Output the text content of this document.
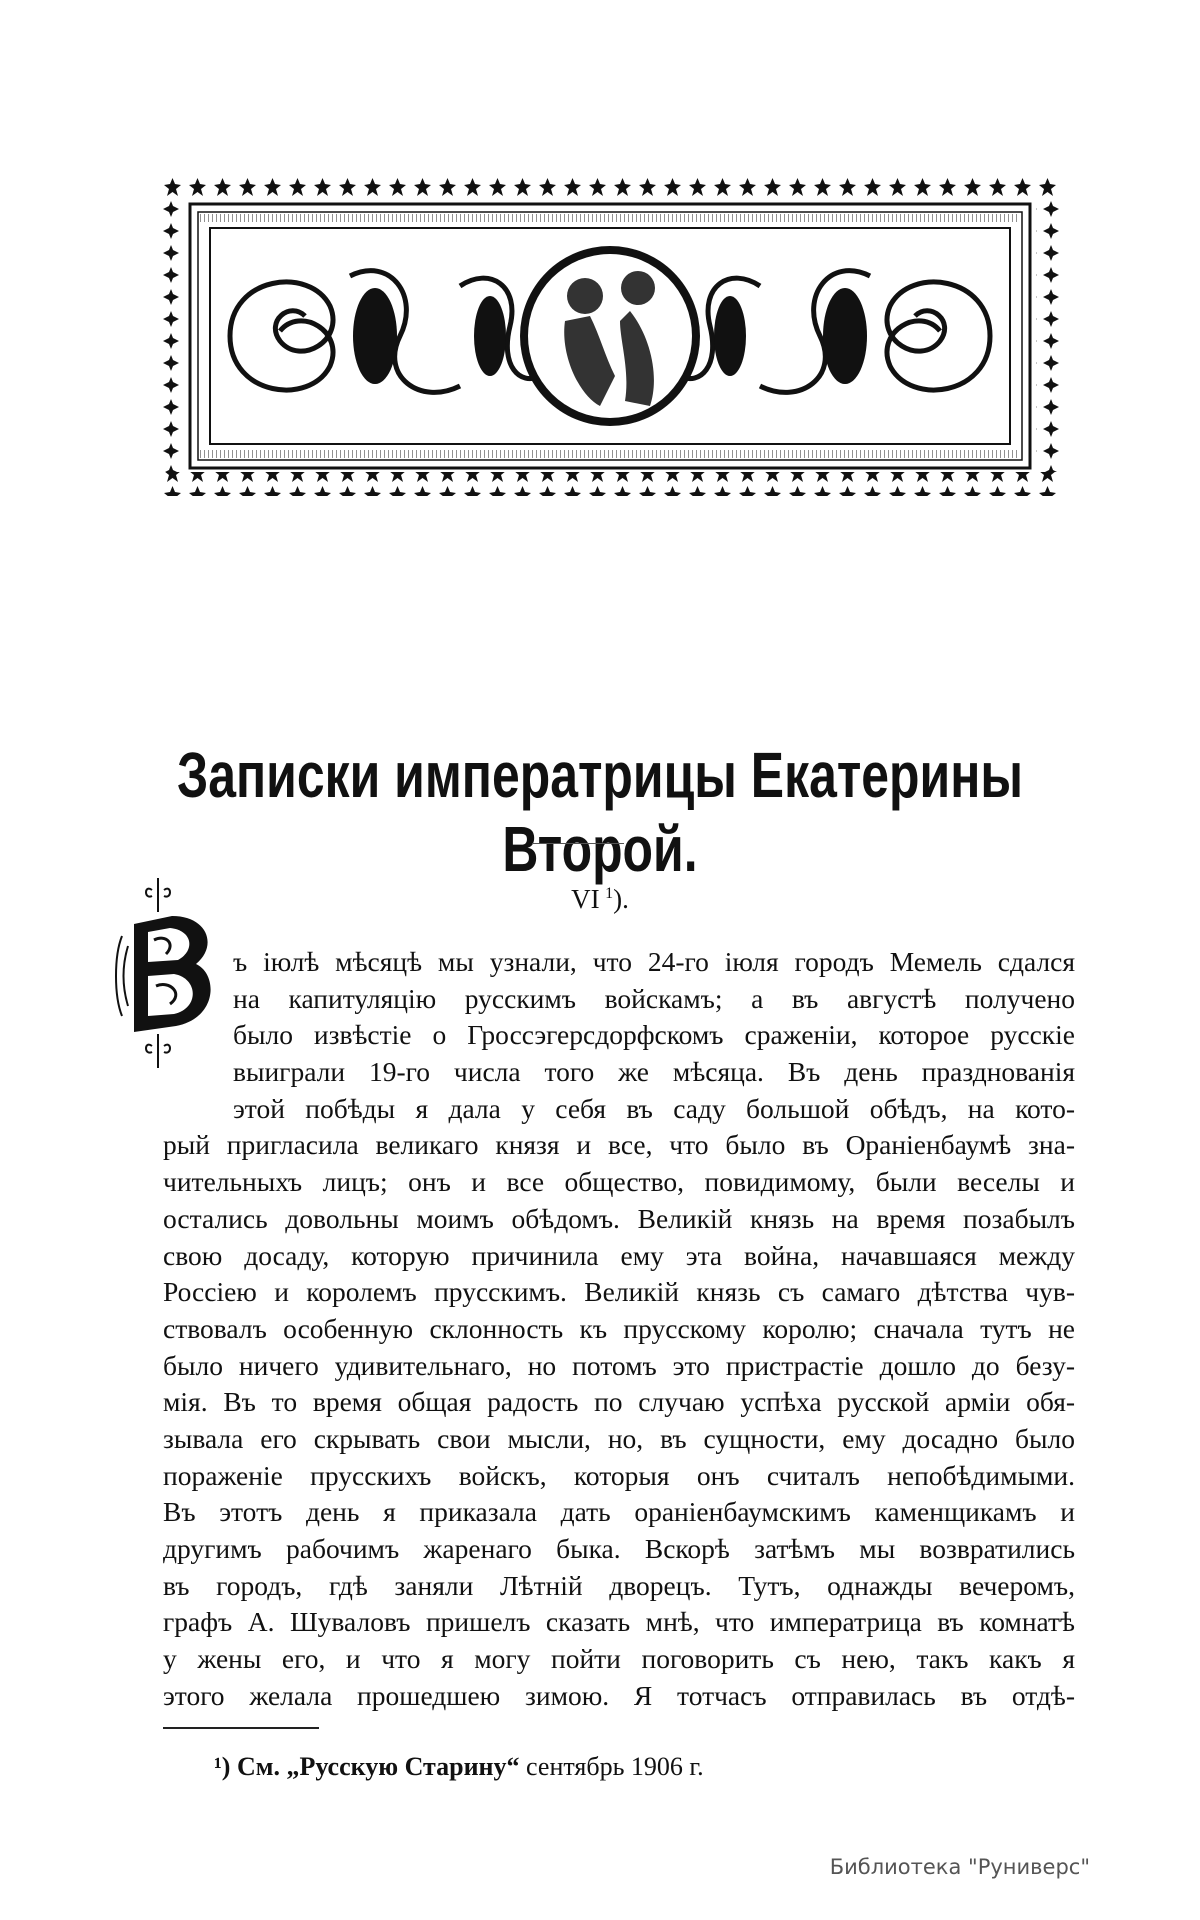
Записки императрицы Екатерины Второй.
VI  $^1$).
ъ іюлѣ мѣсяцѣ мы узнали, что 24-го іюля городъ Мемель сдался
на капитуляцію русскимъ войскамъ; а въ августѣ получено
было извѣстіе о Гроссэгерсдорфскомъ сраженіи, которое русскіе
выиграли 19-го числа того же мѣсяца. Въ день празднованія
этой побѣды я дала у себя въ саду большой обѣдъ, на кото-
рый пригласила великаго князя и все, что было въ Ораніенбаумѣ зна-
чительныхъ лицъ; онъ и все общество, повидимому, были веселы и
остались довольны моимъ обѣдомъ. Великій князь на время позабылъ
свою досаду, которую причинила ему эта война, начавшаяся между
Россіею и королемъ прусскимъ. Великій князь съ самаго дѣтства чув-
ствовалъ особенную склонность къ прусскому королю; сначала тутъ не
было ничего удивительнаго, но потомъ это пристрастіе дошло до безу-
мія. Въ то время общая радость по случаю успѣха русской арміи обя-
зывала его скрывать свои мысли, но, въ сущности, ему досадно было
пораженіе прусскихъ войскъ, которыя онъ считалъ непобѣдимыми.
Въ этотъ день я приказала дать ораніенбаумскимъ каменщикамъ и
другимъ рабочимъ жаренаго быка. Вскорѣ затѣмъ мы возвратились
въ городъ, гдѣ заняли Лѣтній дворецъ. Тутъ, однажды вечеромъ,
графъ А. Шуваловъ пришелъ сказать мнѣ, что императрица въ комнатѣ
у жены его, и что я могу пойти поговорить съ нею, такъ какъ я
этого желала прошедшею зимою. Я тотчасъ отправилась въ отдѣ-
¹) См. „Русскую Старину“ сентябрь 1906 г.
Библиотека "Руниверс"
